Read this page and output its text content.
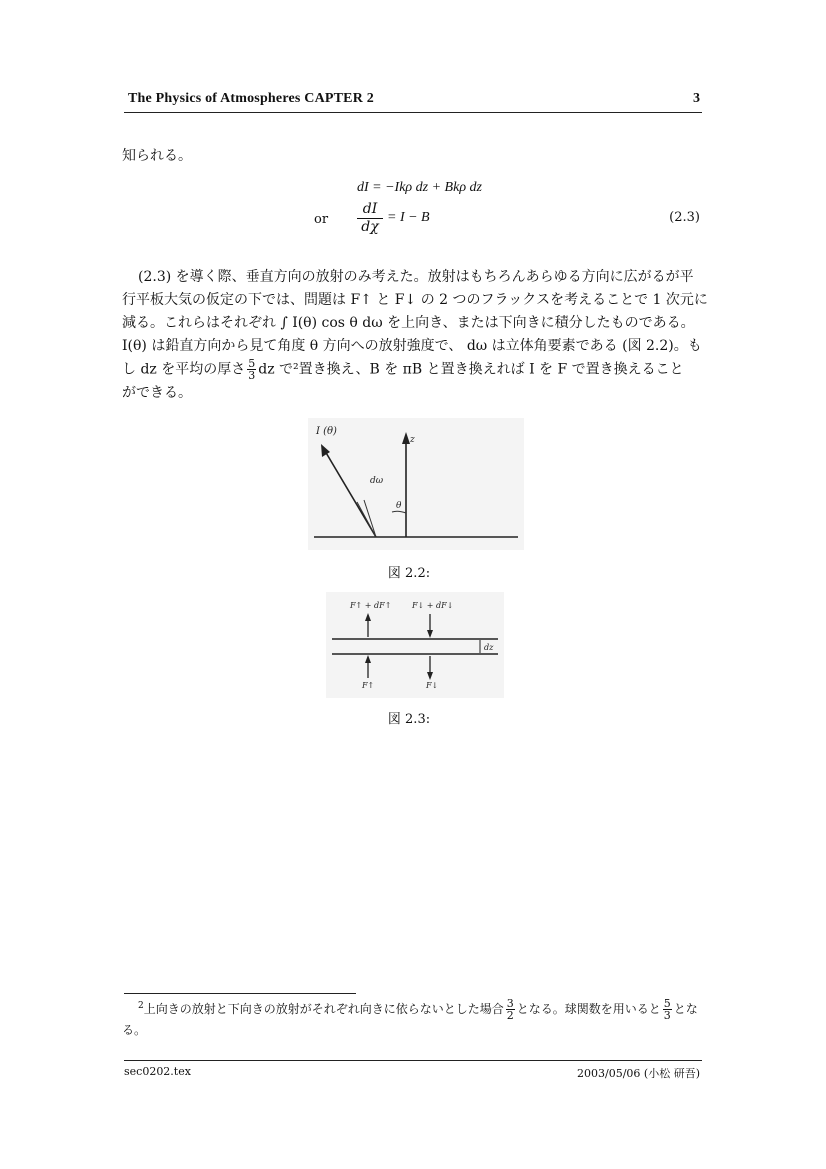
The Physics of Atmospheres CAPTER 2	3
知られる。
dI = −Ikρ dz + Bkρ dz
or $\frac{dI}{d\chi} = I - B$	(2.3)
(2.3) を導く際、垂直方向の放射のみ考えた。放射はもちろんあらゆる方向に広がるが平
行平板大気の仮定の下では、問題は F↑ と F↓ の 2 つのフラックスを考えることで 1 次元に
減る。これらはそれぞれ ∫ I(θ) cos θ dω を上向き、または下向きに積分したものである。
I(θ) は鉛直方向から見て角度 θ 方向への放射強度で、 dω は立体角要素である (図 2.2)。も
し dz を平均の厚さ $\frac{5}{3}$ dz で²置き換え、B を πB と置き換えれば I を F で置き換えること
ができる。
I (θ)
z
dω
θ
図 2.2:
F↑ + dF↑	F↓ + dF↓
dz
F↑	F↓
図 2.3:
$^2$上向きの放射と下向きの放射がそれぞれ向きに依らないとした場合 $\frac{3}{2}$ となる。球関数を用いると $\frac{5}{3}$ とな
る。
sec0202.tex	2003/05/06 (小松 研吾)
